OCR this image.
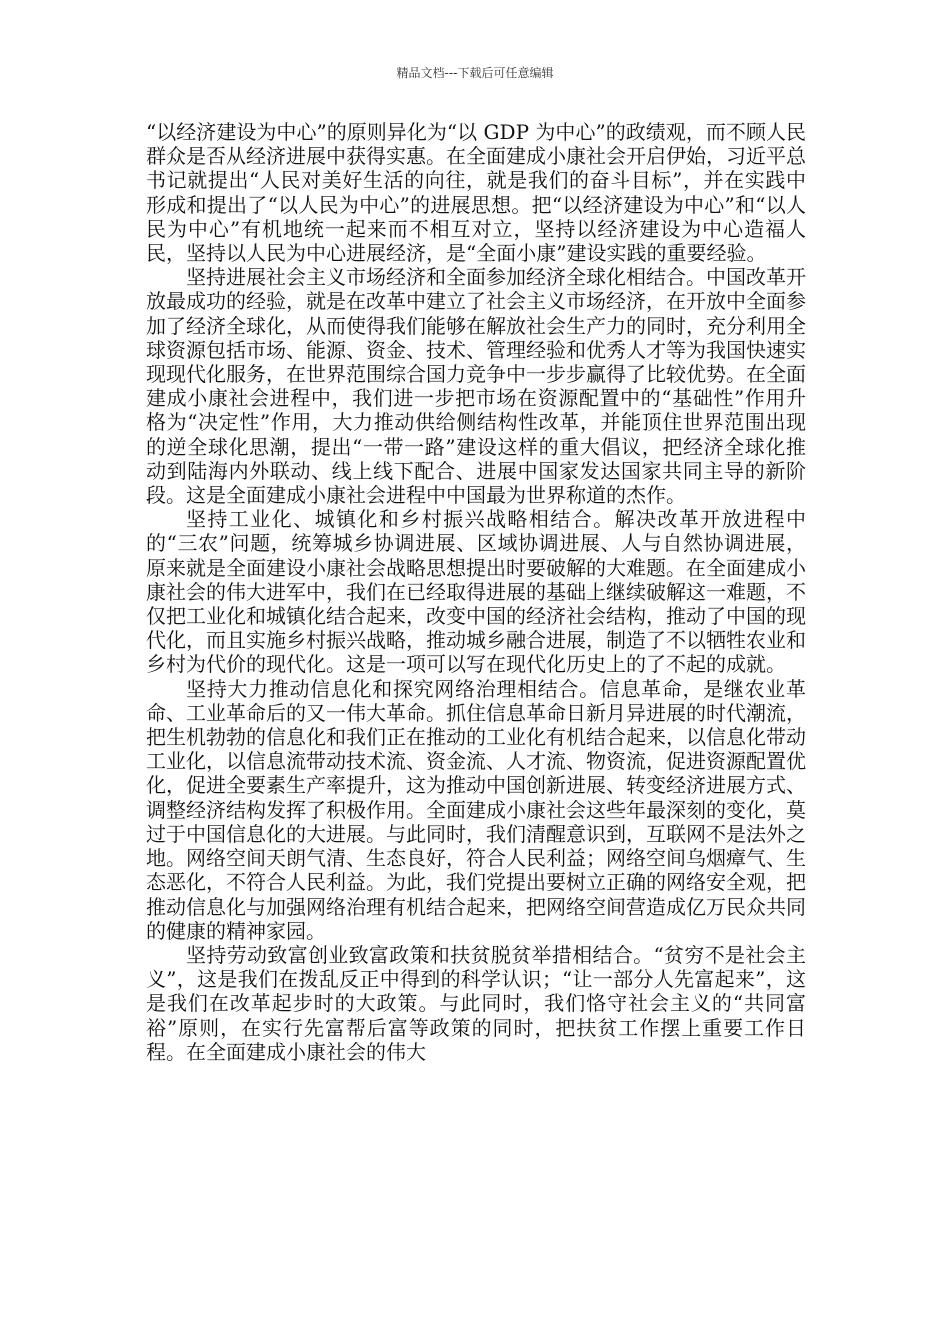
精品文档---下载后可任意编辑

“以经济建设为中心”的原则异化为“以 GDP 为中心”的政绩观，而不顾人民群众是否从经济进展中获得实惠。在全面建成小康社会开启伊始，习近平总书记就提出“人民对美好生活的向往，就是我们的奋斗目标”，并在实践中形成和提出了“以人民为中心”的进展思想。把“以经济建设为中心”和“以人民为中心”有机地统一起来而不相互对立，坚持以经济建设为中心造福人民，坚持以人民为中心进展经济，是“全面小康”建设实践的重要经验。

坚持进展社会主义市场经济和全面参加经济全球化相结合。中国改革开放最成功的经验，就是在改革中建立了社会主义市场经济，在开放中全面参加了经济全球化，从而使得我们能够在解放社会生产力的同时，充分利用全球资源包括市场、能源、资金、技术、管理经验和优秀人才等为我国快速实现现代化服务，在世界范围综合国力竞争中一步步赢得了比较优势。在全面建成小康社会进程中，我们进一步把市场在资源配置中的“基础性”作用升格为“决定性”作用，大力推动供给侧结构性改革，并能顶住世界范围出现的逆全球化思潮，提出“一带一路”建设这样的重大倡议，把经济全球化推动到陆海内外联动、线上线下配合、进展中国家发达国家共同主导的新阶段。这是全面建成小康社会进程中中国最为世界称道的杰作。

坚持工业化、城镇化和乡村振兴战略相结合。解决改革开放进程中的“三农”问题，统筹城乡协调进展、区域协调进展、人与自然协调进展，原来就是全面建设小康社会战略思想提出时要破解的大难题。在全面建成小康社会的伟大进军中，我们在已经取得进展的基础上继续破解这一难题，不仅把工业化和城镇化结合起来，改变中国的经济社会结构，推动了中国的现代化，而且实施乡村振兴战略，推动城乡融合进展，制造了不以牺牲农业和乡村为代价的现代化。这是一项可以写在现代化历史上的了不起的成就。

坚持大力推动信息化和探究网络治理相结合。信息革命，是继农业革命、工业革命后的又一伟大革命。抓住信息革命日新月异进展的时代潮流，把生机勃勃的信息化和我们正在推动的工业化有机结合起来，以信息化带动工业化，以信息流带动技术流、资金流、人才流、物资流，促进资源配置优化，促进全要素生产率提升，这为推动中国创新进展、转变经济进展方式、调整经济结构发挥了积极作用。全面建成小康社会这些年最深刻的变化，莫过于中国信息化的大进展。与此同时，我们清醒意识到，互联网不是法外之地。网络空间天朗气清、生态良好，符合人民利益；网络空间乌烟瘴气、生态恶化，不符合人民利益。为此，我们党提出要树立正确的网络安全观，把推动信息化与加强网络治理有机结合起来，把网络空间营造成亿万民众共同的健康的精神家园。

坚持劳动致富创业致富政策和扶贫脱贫举措相结合。“贫穷不是社会主义”，这是我们在拨乱反正中得到的科学认识；“让一部分人先富起来”，这是我们在改革起步时的大政策。与此同时，我们恪守社会主义的“共同富裕”原则，在实行先富帮后富等政策的同时，把扶贫工作摆上重要工作日程。在全面建成小康社会的伟大
